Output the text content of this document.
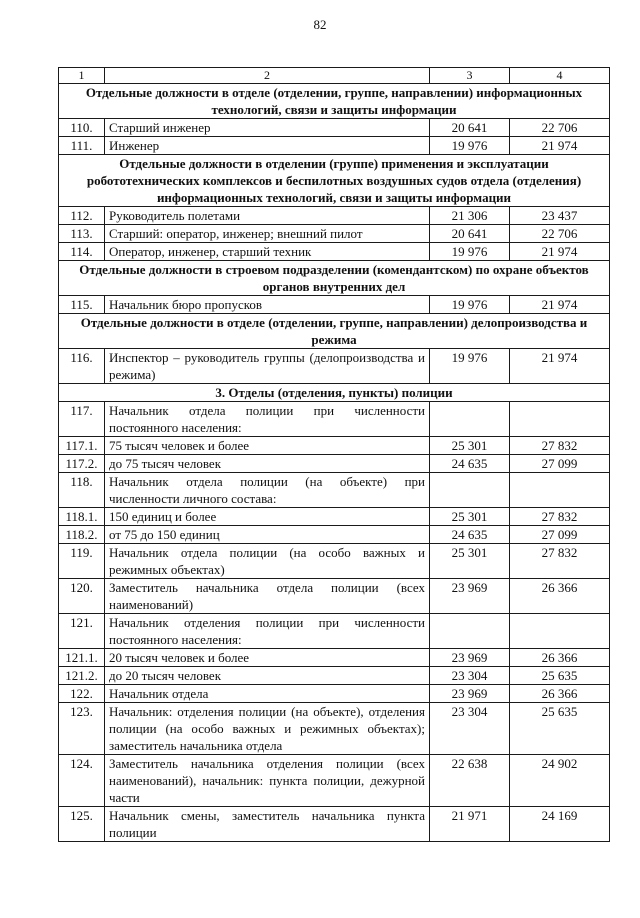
82
1	2	3	4
Отдельные должности в отделе (отделении, группе, направлении) информационных технологий, связи и защиты информации			
110.	Старший инженер	20 641	22 706
111.	Инженер	19 976	21 974
Отдельные должности в отделении (группе) применения и эксплуатации робототехнических комплексов и беспилотных воздушных судов отдела (отделения) информационных технологий, связи и защиты информации			
112.	Руководитель полетами	21 306	23 437
113.	Старший: оператор, инженер; внешний пилот	20 641	22 706
114.	Оператор, инженер, старший техник	19 976	21 974
Отдельные должности в строевом подразделении (комендантском) по охране объектов органов внутренних дел			
115.	Начальник бюро пропусков	19 976	21 974
Отдельные должности в отделе (отделении, группе, направлении) делопроизводства и режима			
116.	Инспектор – руководитель группы (делопроизводства и режима)	19 976	21 974
3. Отделы (отделения, пункты) полиции			
117.	Начальник отдела полиции при численности постоянного населения:		
117.1.	75 тысяч человек и более	25 301	27 832
117.2.	до 75 тысяч человек	24 635	27 099
118.	Начальник отдела полиции (на объекте) при численности личного состава:		
118.1.	150 единиц и более	25 301	27 832
118.2.	от 75 до 150 единиц	24 635	27 099
119.	Начальник отдела полиции (на особо важных и режимных объектах)	25 301	27 832
120.	Заместитель начальника отдела полиции (всех наименований)	23 969	26 366
121.	Начальник отделения полиции при численности постоянного населения:		
121.1.	20 тысяч человек и более	23 969	26 366
121.2.	до 20 тысяч человек	23 304	25 635
122.	Начальник отдела	23 969	26 366
123.	Начальник: отделения полиции (на объекте), отделения полиции (на особо важных и режимных объектах); заместитель начальника отдела	23 304	25 635
124.	Заместитель начальника отделения полиции (всех наименований), начальник: пункта полиции, дежурной части	22 638	24 902
125.	Начальник смены, заместитель начальника пункта полиции	21 971	24 169
